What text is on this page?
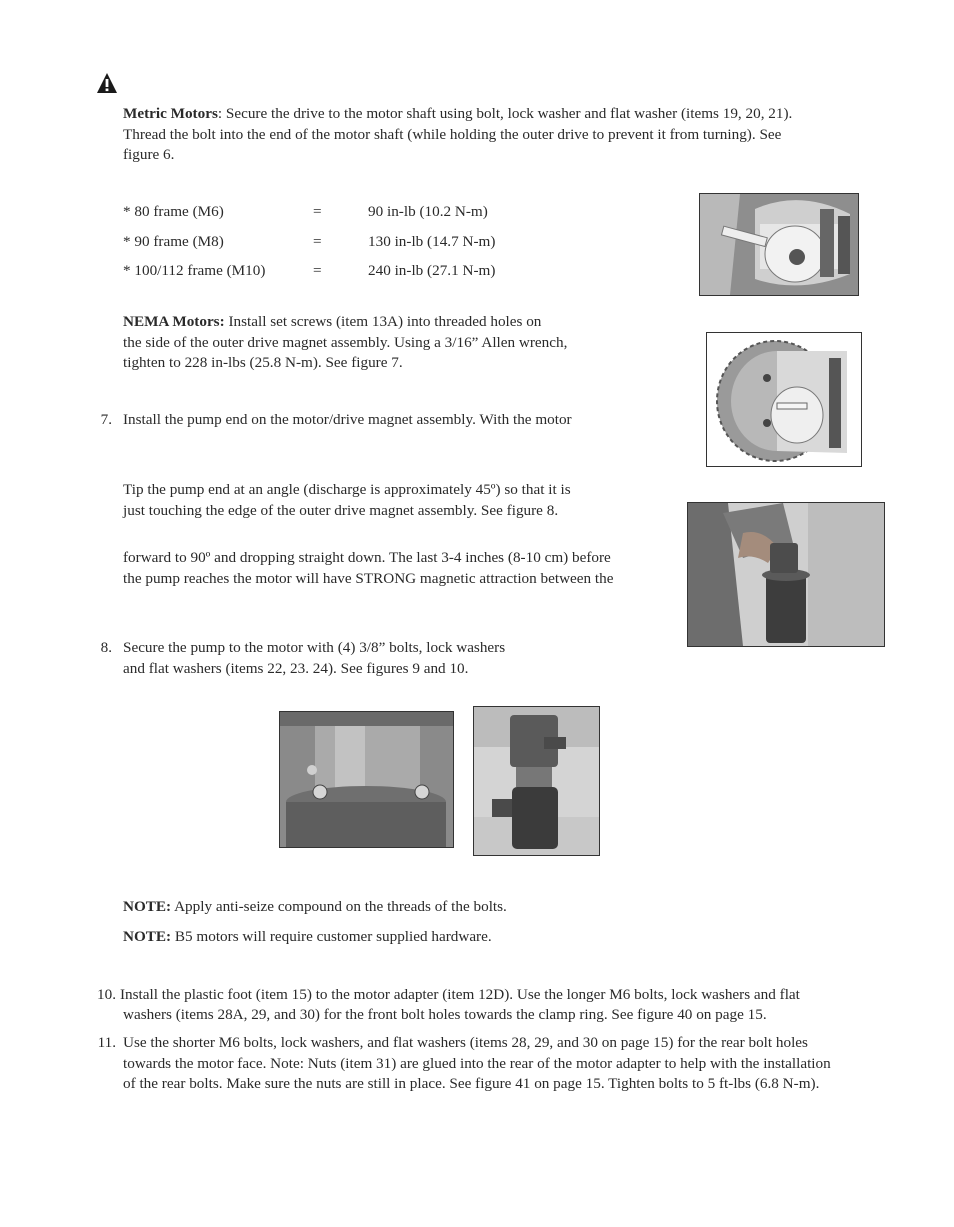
Metric Motors: Secure the drive to the motor shaft using bolt, lock washer and flat washer (items 19, 20, 21).
Thread the bolt into the end of the motor shaft (while holding the outer drive to prevent it from turning). See
figure 6.
* 80 frame (M6)	=	90 in-lb (10.2 N-m)
* 90 frame (M8)	=	130 in-lb (14.7 N-m)
* 100/112 frame (M10)	=	240 in-lb (27.1 N-m)
NEMA Motors: Install set screws (item 13A) into threaded holes on
the side of the outer drive magnet assembly. Using a 3/16” Allen wrench,
tighten to 228 in-lbs (25.8 N-m). See figure 7.
7. Install the pump end on the motor/drive magnet assembly. With the motor
Tip the pump end at an angle (discharge is approximately 45º) so that it is
just touching the edge of the outer drive magnet assembly. See figure 8.
forward to 90º and dropping straight down. The last 3-4 inches (8-10 cm) before
the pump reaches the motor will have STRONG magnetic attraction between the
8. Secure the pump to the motor with (4) 3/8” bolts, lock washers
and flat washers (items 22, 23. 24). See figures 9 and 10.
NOTE: Apply anti-seize compound on the threads of the bolts.
NOTE: B5 motors will require customer supplied hardware.
10. Install the plastic foot (item 15) to the motor adapter (item 12D). Use the longer M6 bolts, lock washers and flat
washers (items 28A, 29, and 30) for the front bolt holes towards the clamp ring. See figure 40 on page 15.
11. Use the shorter M6 bolts, lock washers, and flat washers (items 28, 29, and 30 on page 15) for the rear bolt holes
towards the motor face. Note: Nuts (item 31) are glued into the rear of the motor adapter to help with the installation
of the rear bolts. Make sure the nuts are still in place. See figure 41 on page 15. Tighten bolts to 5 ft-lbs (6.8 N-m).
